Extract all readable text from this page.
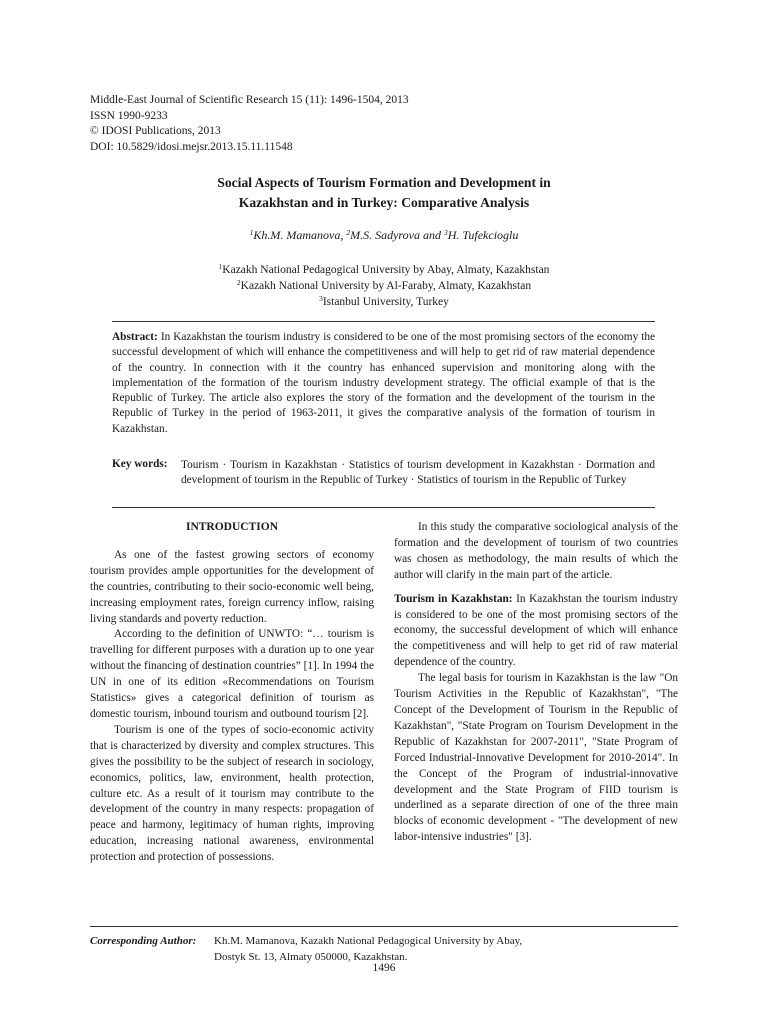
Middle-East Journal of Scientific Research 15 (11): 1496-1504, 2013
ISSN 1990-9233
© IDOSI Publications, 2013
DOI: 10.5829/idosi.mejsr.2013.15.11.11548
Social Aspects of Tourism Formation and Development in
Kazakhstan and in Turkey: Comparative Analysis
$^1$Kh.M. Mamanova, $^2$M.S. Sadyrova and $^3$H. Tufekcioglu
$^1$Kazakh National Pedagogical University by Abay, Almaty, Kazakhstan
$^2$Kazakh National University by Al-Faraby, Almaty, Kazakhstan
$^3$Istanbul University, Turkey
Abstract: In Kazakhstan the tourism industry is considered to be one of the most promising sectors of the economy the successful development of which will enhance the competitiveness and will help to get rid of raw material dependence of the country. In connection with it the country has enhanced supervision and monitoring along with the implementation of the formation of the tourism industry development strategy. The official example of that is the Republic of Turkey. The article also explores the story of the formation and the development of the tourism in the Republic of Turkey in the period of 1963-2011, it gives the comparative analysis of the formation of tourism in Kazakhstan.
Key words: Tourism · Tourism in Kazakhstan · Statistics of tourism development in Kazakhstan · Dormation and development of tourism in the Republic of Turkey · Statistics of tourism in the Republic of Turkey
INTRODUCTION

As one of the fastest growing sectors of economy tourism provides ample opportunities for the development of the countries, contributing to their socio-economic well being, increasing employment rates, foreign currency inflow, raising living standards and poverty reduction.

According to the definition of UNWTO: “… tourism is travelling for different purposes with a duration up to one year without the financing of destination countries” [1]. In 1994 the UN in one of its edition «Recommendations on Tourism Statistics» gives a categorical definition of tourism as domestic tourism, inbound tourism and outbound tourism [2].

Tourism is one of the types of socio-economic activity that is characterized by diversity and complex structures. This gives the possibility to be the subject of research in sociology, economics, politics, law, environment, health protection, culture etc. As a result of it tourism may contribute to the development of the country in many respects: propagation of peace and harmony, legitimacy of human rights, improving education, increasing national awareness, environmental protection and protection of possessions.

In this study the comparative sociological analysis of the formation and the development of tourism of two countries was chosen as methodology, the main results of which the author will clarify in the main part of the article.

Tourism in Kazakhstan: In Kazakhstan the tourism industry is considered to be one of the most promising sectors of the economy, the successful development of which will enhance the competitiveness and will help to get rid of raw material dependence of the country.

The legal basis for tourism in Kazakhstan is the law "On Tourism Activities in the Republic of Kazakhstan", "The Concept of the Development of Tourism in the Republic of Kazakhstan", "State Program on Tourism Development in the Republic of Kazakhstan for 2007-2011", "State Program of Forced Industrial-Innovative Development for 2010-2014". In the Concept of the Program of industrial-innovative development and the State Program of FIID tourism is underlined as a separate direction of one of the three main blocks of economic development - "The development of new labor-intensive industries" [3].

Corresponding Author: Kh.M. Mamanova, Kazakh National Pedagogical University by Abay,
Dostyk St. 13, Almaty 050000, Kazakhstan.
1496
